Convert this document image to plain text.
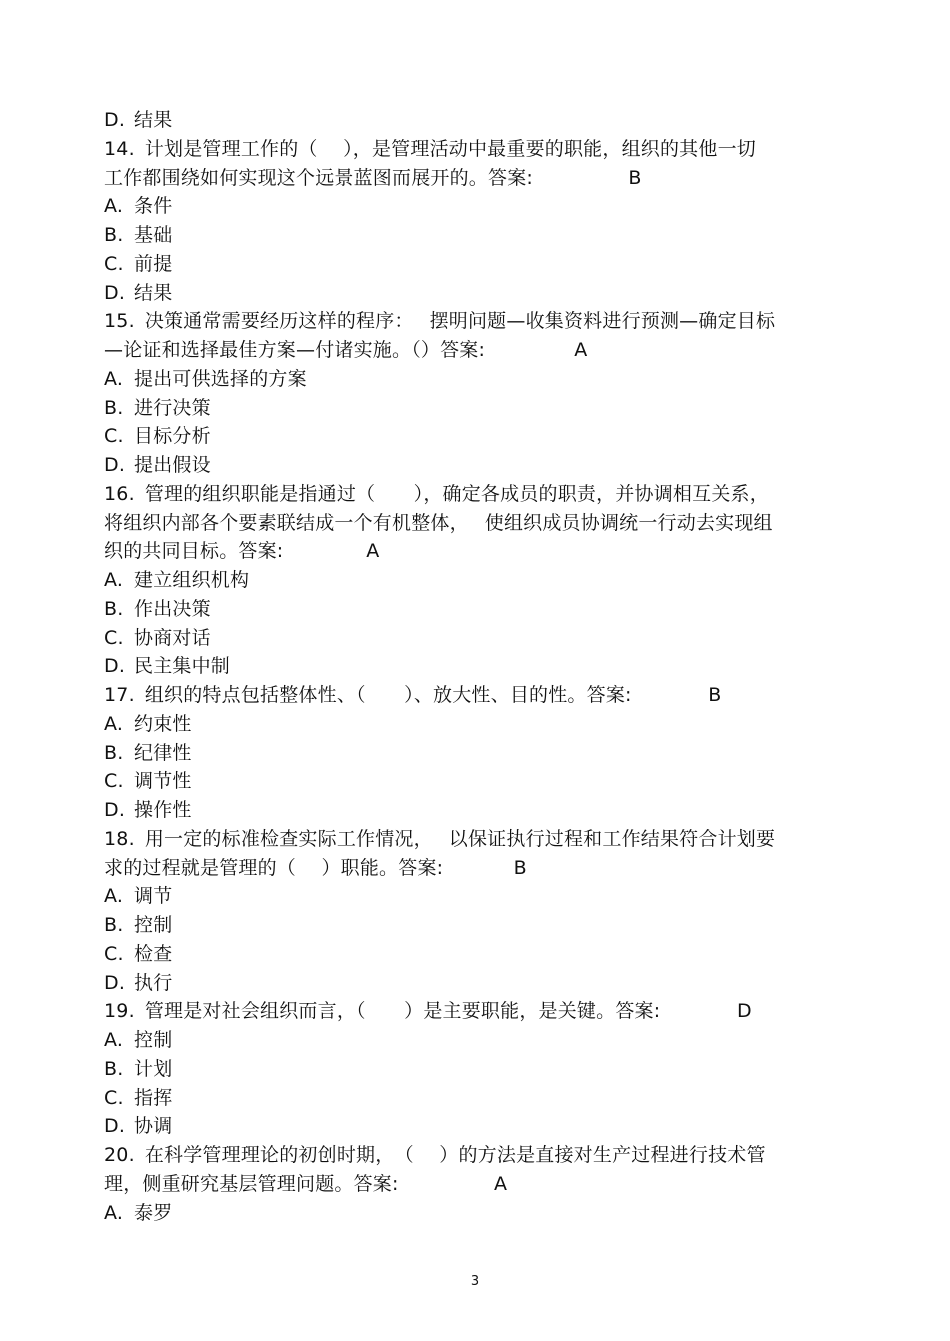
D. 结果
14. 计划是管理工作的（　 ），是管理活动中最重要的职能，组织的其他一切
工作都围绕如何实现这个远景蓝图而展开的。答案:	B
A. 条件
B. 基础
C. 前提
D. 结果
15. 决策通常需要经历这样的程序：　 摆明问题—收集资料进行预测—确定目标
—论证和选择最佳方案—付诸实施。（）答案:	A
A. 提出可供选择的方案
B. 进行决策
C. 目标分析
D. 提出假设
16. 管理的组织职能是指通过（　　），确定各成员的职责，并协调相互关系，
将组织内部各个要素联结成一个有机整体，　 使组织成员协调统一行动去实现组
织的共同目标。答案:	A
A. 建立组织机构
B. 作出决策
C. 协商对话
D. 民主集中制
17. 组织的特点包括整体性、（　　）、放大性、目的性。答案:	B
A. 约束性
B. 纪律性
C. 调节性
D. 操作性
18. 用一定的标准检查实际工作情况，　 以保证执行过程和工作结果符合计划要
求的过程就是管理的（　 ）职能。答案:	B
A. 调节
B. 控制
C. 检查
D. 执行
19. 管理是对社会组织而言，（　　）是主要职能，是关键。答案:	D
A. 控制
B. 计划
C. 指挥
D. 协调
20. 在科学管理理论的初创时期，　（　 ）的方法是直接对生产过程进行技术管
理，侧重研究基层管理问题。答案:	A
A. 泰罗
3
